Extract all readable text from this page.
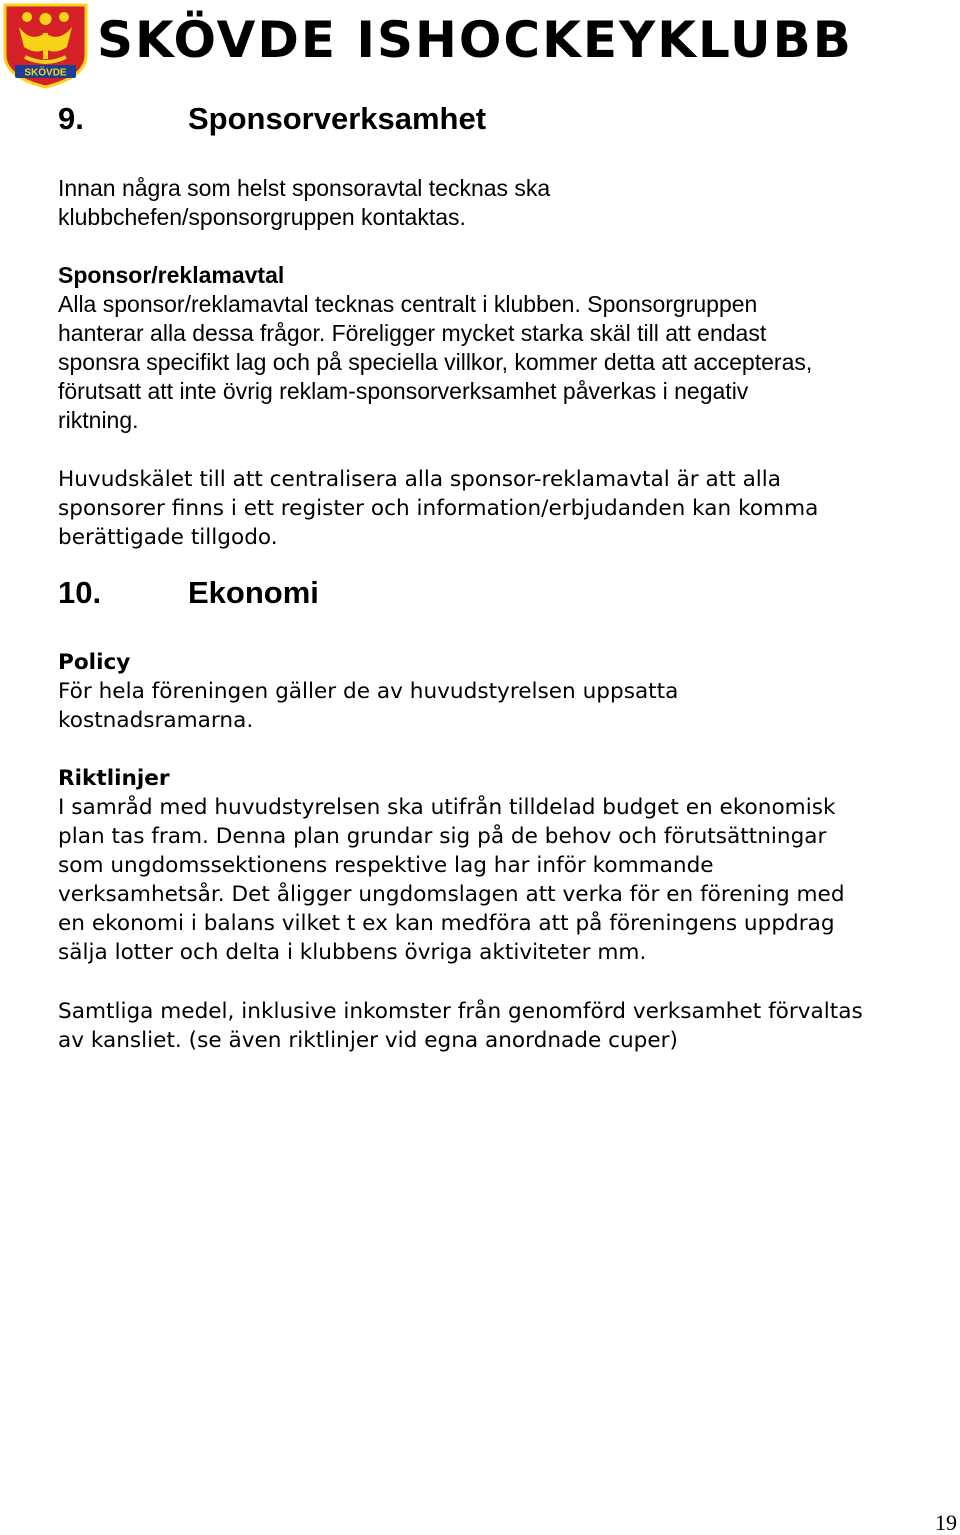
SKÖVDE
SKÖVDE ISHOCKEYKLUBB
9.	Sponsorverksamhet
Innan några som helst sponsoravtal tecknas ska
klubbchefen/sponsorgruppen kontaktas.
Sponsor/reklamavtal
Alla sponsor/reklamavtal tecknas centralt i klubben. Sponsorgruppen
hanterar alla dessa frågor. Föreligger mycket starka skäl till att endast
sponsra specifikt lag och på speciella villkor, kommer detta att accepteras,
förutsatt att inte övrig reklam-sponsorverksamhet påverkas i negativ
riktning.
Huvudskälet till att centralisera alla sponsor-reklamavtal är att alla
sponsorer finns i ett register och information/erbjudanden kan komma
berättigade tillgodo.
10.	Ekonomi
Policy
För hela föreningen gäller de av huvudstyrelsen uppsatta
kostnadsramarna.
Riktlinjer
I samråd med huvudstyrelsen ska utifrån tilldelad budget en ekonomisk
plan tas fram. Denna plan grundar sig på de behov och förutsättningar
som ungdomssektionens respektive lag har inför kommande
verksamhetsår. Det åligger ungdomslagen att verka för en förening med
en ekonomi i balans vilket t ex kan medföra att på föreningens uppdrag
sälja lotter och delta i klubbens övriga aktiviteter mm.
Samtliga medel, inklusive inkomster från genomförd verksamhet förvaltas
av kansliet. (se även riktlinjer vid egna anordnade cuper)
19
